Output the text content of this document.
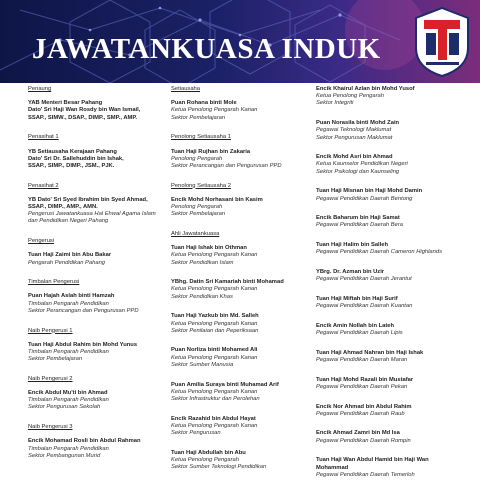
JAWATANKUASA INDUK
Penaung
YAB Menteri Besar Pahang
Dato' Sri Haji Wan Rosdy bin Wan Ismail,
SSAP., SIMW., DSAP., DIMP., SMP., AMP.
Penasihat 1
YB Setiausaha Kerajaan Pahang
Dato' Sri Dr. Sallehuddin bin Ishak,
SSAP., SIMP., DIMP., JSM., PJK.
Penasihat 2
YB Dato' Sri Syed Ibrahim bin Syed Ahmad,
SSAP., DIMP., AMP., AMN.
Pengerusi Jawatankuasa Hal Ehwal Agama Islam
dan Pendidikan Negeri Pahang
Pengerusi
Tuan Haji Zaimi bin Abu Bakar
Pengarah Pendidikan Pahang
Timbalan Pengerusi
Puan Hajah Aslah binti Hamzah
Timbalan Pengarah Pendidikan
Sektor Perancangan dan Pengurusan PPD
Naib Pengerusi 1
Tuan Haji Abdul Rahim bin Mohd Yunus
Timbalan Pengarah Pendidikan
Sektor Pembelajaran
Naib Pengerusi 2
Encik Abdul Mu'ti bin Ahmad
Timbalan Pengarah Pendidikan
Sektor Pengurusan Sekolah
Naib Pengerusi 3
Encik Mohamad Rosli bin Abdul Rahman
Timbalan Pengarah Pendidikan
Sektor Pembangunan Murid
Setiausaha
Puan Rohana binti Mole
Ketua Penolong Pengarah Kanan
Sektor Pembelajaran
Penolong Setiausaha 1
Tuan Haji Rujhan bin Zakaria
Penolong Pengarah
Sektor Perancangan dan Pengurusan PPD
Penolong Setiausaha 2
Encik Mohd Norhasani bin Kasim
Penolong Pengarah
Sektor Pembelajaran
Ahli Jawatankuasa
Tuan Haji Ishak bin Othman
Ketua Penolong Pengarah Kanan
Sektor Pendidikan Islam
YBhg. Datin Sri Kamariah binti Mohamad
Ketua Penolong Pengarah Kanan
Sektor Pendidikan Khas
Tuan Haji Yazkub bin Md. Salleh
Ketua Penolong Pengarah Kanan
Sektor Penilaian dan Peperiksaan
Puan Norliza binti Mohamed Ali
Ketua Penolong Pengarah Kanan
Sektor Sumber Manusia
Puan Amilia Suraya binti Muhamad Arif
Ketua Penolong Pengarah Kanan
Sektor Infrastruktur dan Perolehan
Encik Razahid bin Abdul Hayat
Ketua Penolong Pengarah Kanan
Sektor Pengurusan
Tuan Haji Abdullah bin Abu
Ketua Penolong Pengarah
Sektor Sumber Teknologi Pendidikan
Encik Khairul Azlan bin Mohd Yusof
Ketua Penolong Pengarah
Sektor Integriti
Puan Norasila binti Mohd Zain
Pegawai Teknologi Maklumat
Sektor Pengurusan Maklumat
Encik Mohd Asri bin Ahmad
Ketua Kaunselor Pendidikan Negeri
Sektor Psikologi dan Kaunseling
Tuan Haji Misnan bin Haji Mohd Damin
Pegawai Pendidikan Daerah Bentong
Encik Baharum bin Haji Samat
Pegawai Pendidikan Daerah Bera
Tuan Haji Halim bin Salleh
Pegawai Pendidikan Daerah Cameron Highlands
YBrg. Dr. Azman bin Uzir
Pegawai Pendidikan Daerah Jerantut
Tuan Haji Miftah bin Haji Surif
Pegawai Pendidikan Daerah Kuantan
Encik Amin Nollah bin Lateh
Pegawai Pendidikan Daerah Lipis
Tuan Haji Ahmad Nahran bin Haji Ishak
Pegawai Pendidikan Daerah Maran
Tuan Haji Mohd Razali bin Mustafar
Pegawai Pendidikan Daerah Pekan
Encik Nor Ahmad bin Abdul Rahim
Pegawai Pendidikan Daerah Raub
Encik Ahmad Zamri bin Md Isa
Pegawai Pendidikan Daerah Rompin
Tuan Haji Wan Abdul Hamid bin Haji Wan
Mohammad
Pegawai Pendidikan Daerah Temerloh
